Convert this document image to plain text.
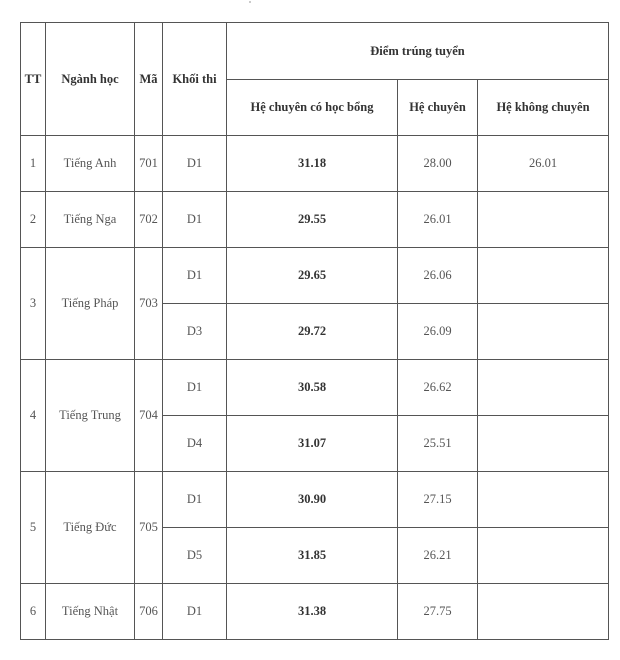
TT	Ngành học	Mã	Khối thi	Điểm trúng tuyển		
				Hệ chuyên có học bổng	Hệ chuyên	Hệ không chuyên
1	Tiếng Anh	701	D1	31.18	28.00	26.01
2	Tiếng Nga	702	D1	29.55	26.01	
3	Tiếng Pháp	703	D1	29.65	26.06	
			D3	29.72	26.09	
4	Tiếng Trung	704	D1	30.58	26.62	
			D4	31.07	25.51	
5	Tiếng Đức	705	D1	30.90	27.15	
			D5	31.85	26.21	
6	Tiếng Nhật	706	D1	31.38	27.75	
